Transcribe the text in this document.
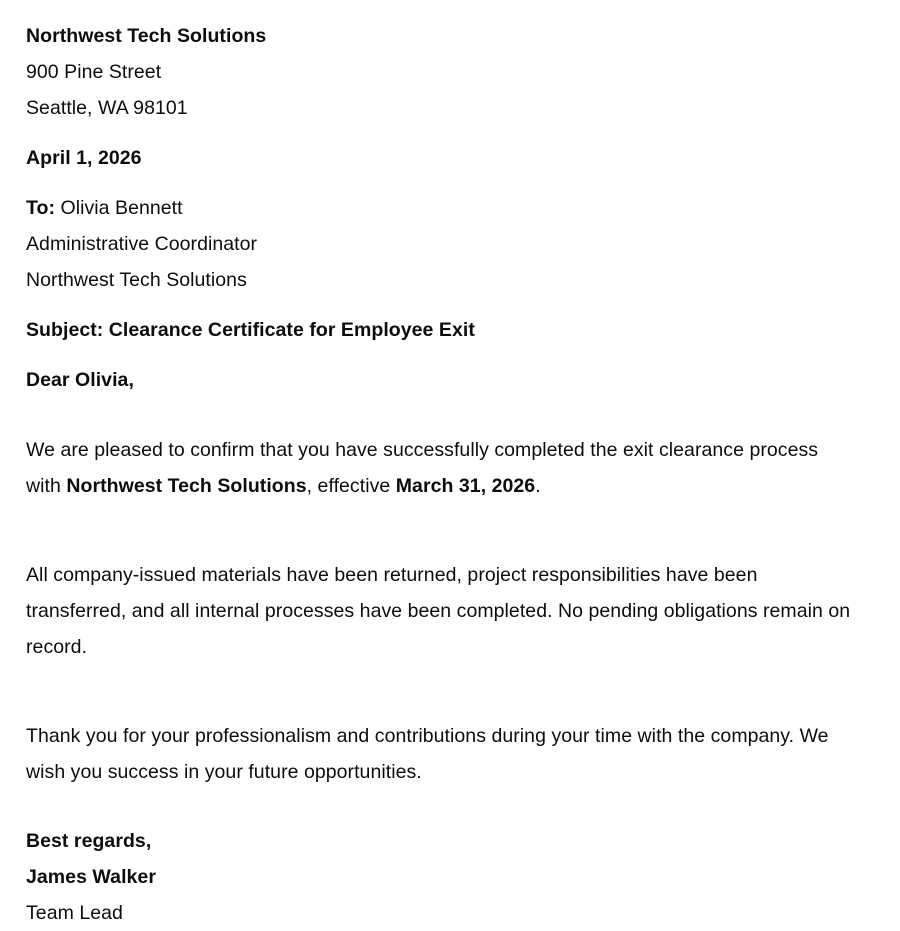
Northwest Tech Solutions
900 Pine Street
Seattle, WA 98101
April 1, 2026
To: Olivia Bennett
Administrative Coordinator
Northwest Tech Solutions
Subject: Clearance Certificate for Employee Exit
Dear Olivia,

We are pleased to confirm that you have successfully completed the exit clearance process with Northwest Tech Solutions, effective March 31, 2026.

All company-issued materials have been returned, project responsibilities have been transferred, and all internal processes have been completed. No pending obligations remain on record.

Thank you for your professionalism and contributions during your time with the company. We wish you success in your future opportunities.

Best regards,
James Walker
Team Lead
